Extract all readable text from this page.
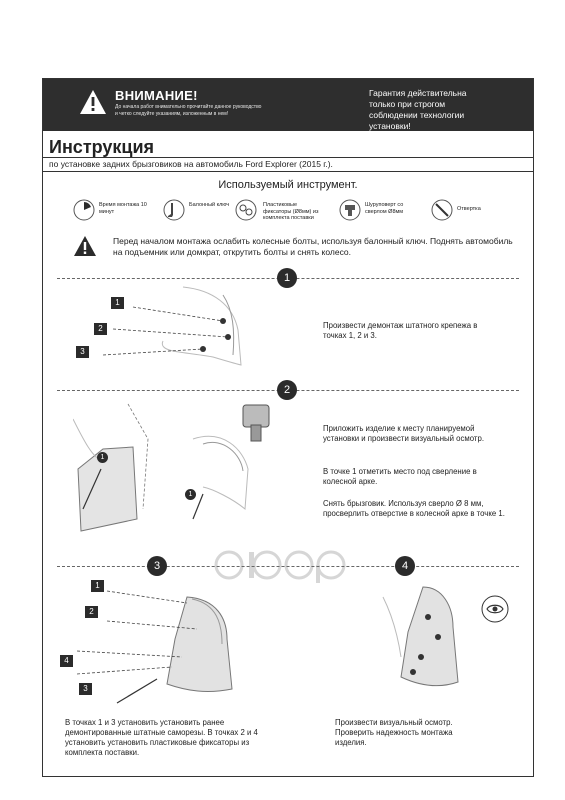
ВНИМАНИЕ!
До начала работ внимательно прочитайте данное руководство и четко следуйте указаниям, изложенным в нем!
Гарантия действительна только при строгом соблюдении технологии установки!
Инструкция
по установке задних брызговиков на автомобиль Ford Explorer (2015 г.).
Используемый инструмент.
Время монтажа 10 минут
Балонный ключ	Пластиковые фиксаторы (Ø8мм) из комплекта поставки
Шуруповерт со сверлом Ø8мм	Отвертка
Перед началом монтажа ослабить колесные болты, используя балонный ключ. Поднять автомобиль на подъемник или домкрат, открутить болты и снять колесо.
1
1
2
3
Произвести демонтаж штатного крепежа в точках 1, 2 и 3.
2
1
1
Приложить изделие к месту планируемой установки и произвести визуальный осмотр.
В точке 1 отметить место под сверление в колесной арке.
Снять брызговик. Используя сверло Ø 8 мм, просверлить отверстие в колесной арке в точке 1.
3	4
1
2
4
3
В точках 1 и 3 установить установить ранее демонтированные штатные саморезы. В точках 2 и 4 установить установить пластиковые фиксаторы из комплекта поставки.
Произвести визуальный осмотр. Проверить надежность монтажа изделия.
